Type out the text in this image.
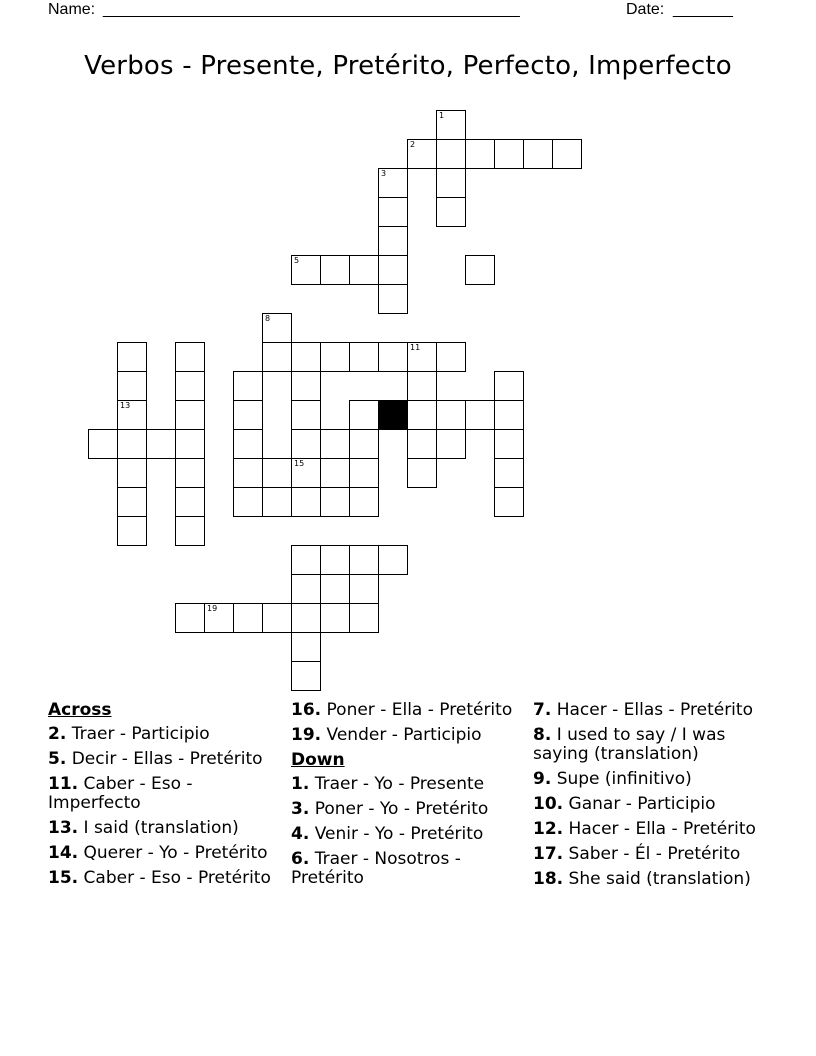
Name: _________________________________________________	Date: _______
Verbos - Presente, Pretérito, Perfecto, Imperfecto
1
2
3
5
8
11
13
15
19
Across
2. Traer - Participio
5. Decir - Ellas - Pretérito
11. Caber - Eso - Imperfecto
13. I said (translation)
14. Querer - Yo - Pretérito
15. Caber - Eso - Pretérito
16. Poner - Ella - Pretérito
19. Vender - Participio
Down
1. Traer - Yo - Presente
3. Poner - Yo - Pretérito
4. Venir - Yo - Pretérito
6. Traer - Nosotros - Pretérito
7. Hacer - Ellas - Pretérito
8. I used to say / I was saying (translation)
9. Supe (infinitivo)
10. Ganar - Participio
12. Hacer - Ella - Pretérito
17. Saber - Él - Pretérito
18. She said (translation)
